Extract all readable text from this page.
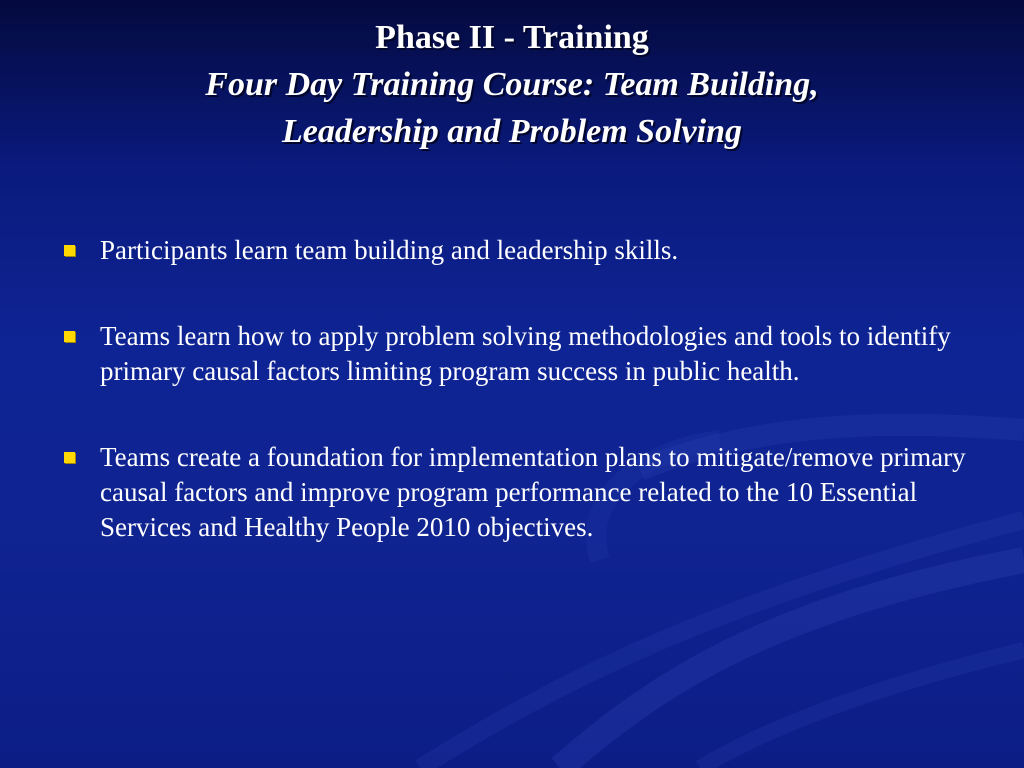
Phase II - Training

Four Day Training Course: Team Building,

Leadership and Problem Solving

Participants learn team building and leadership skills.
Teams learn how to apply problem solving methodologies and tools to identify primary causal factors limiting program success in public health.
Teams create a foundation for implementation plans to mitigate/remove primary causal factors and improve program performance related to the 10 Essential Services and Healthy People 2010 objectives.
